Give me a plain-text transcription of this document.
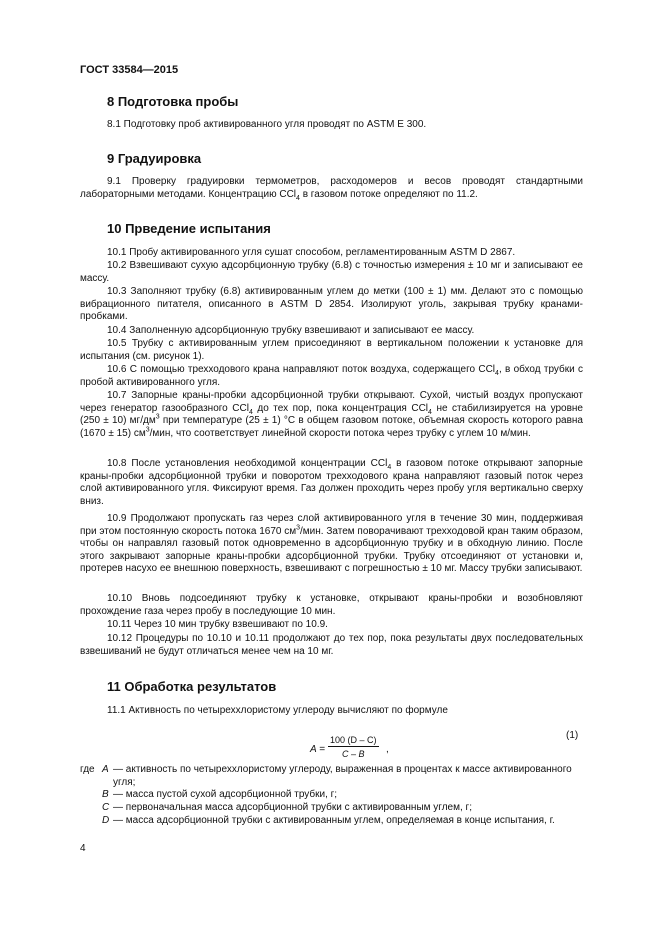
ГОСТ 33584—2015
8 Подготовка пробы

8.1 Подготовку проб активированного угля проводят по ASTM E 300.

9 Градуировка

9.1 Проверку градуировки термометров, расходомеров и весов проводят стандартными лабораторными методами. Концентрацию CCl$_4$ в газовом потоке определяют по 11.2.

10 Прведение испытания

10.1 Пробу активированного угля сушат способом, регламентированным ASTM D 2867.

10.2 Взвешивают сухую адсорбционную трубку (6.8) с точностью измерения ± 10 мг и записывают ее массу.

10.3 Заполняют трубку (6.8) активированным углем до метки (100 ± 1) мм. Делают это с помощью вибрационного питателя, описанного в ASTM D 2854. Изолируют уголь, закрывая трубку кранами-пробками.

10.4 Заполненную адсорбционную трубку взвешивают и записывают ее массу.

10.5 Трубку с активированным углем присоединяют в вертикальном положении к установке для испытания (см. рисунок 1).

10.6 С помощью трехходового крана направляют поток воздуха, содержащего CCl$_4$, в обход трубки с пробой активированного угля.

10.7 Запорные краны-пробки адсорбционной трубки открывают. Сухой, чистый воздух пропускают через генератор газообразного CCl$_4$ до тех пор, пока концентрация CCl$_4$ не стабилизируется на уровне (250 ± 10) $мг/дм^3$ при температуре (25 ± 1) °С в общем газовом потоке, объемная скорость которого равна (1670 ± 15) $см^3$/мин, что соответствует линейной скорости потока через трубку с углем 10 м/мин.

10.8 После установления необходимой концентрации CCl$_4$ в газовом потоке открывают запорные краны-пробки адсорбционной трубки и поворотом трехходового крана направляют газовый поток через слой активированного угля. Фиксируют время. Газ должен проходить через пробу угля вертикально сверху вниз.

10.9 Продолжают пропускать газ через слой активированного угля в течение 30 мин, поддерживая при этом постоянную скорость потока 1670 $см^3$/мин. Затем поворачивают трехходовой кран таким образом, чтобы он направлял газовый поток одновременно в адсорбционную трубку и в обходную линию. После этого закрывают запорные краны-пробки адсорбционной трубки. Трубку отсоединяют от установки и, протерев насухо ее внешнюю поверхность, взвешивают с погрешностью ± 10 мг. Массу трубки записывают.

10.10 Вновь подсоединяют трубку к установке, открывают краны-пробки и возобновляют прохождение газа через пробу в последующие 10 мин.

10.11 Через 10 мин трубку взвешивают по 10.9.

10.12 Процедуры по 10.10 и 10.11 продолжают до тех пор, пока результаты двух последовательных взвешиваний не будут отличаться менее чем на 10 мг.

11 Обработка результатов

11.1 Активность по четыреххлористому углероду вычисляют по формуле

$A = \frac{100 (D - C)}{C - B}$ ,
(1)
где A — активность по четыреххлористому углероду, выраженная в процентах к массе активированного угля;
B — масса пустой сухой адсорбционной трубки, г;
C — первоначальная масса адсорбционной трубки с активированным углем, г;
D — масса адсорбционной трубки с активированным углем, определяемая в конце испытания, г.
4
